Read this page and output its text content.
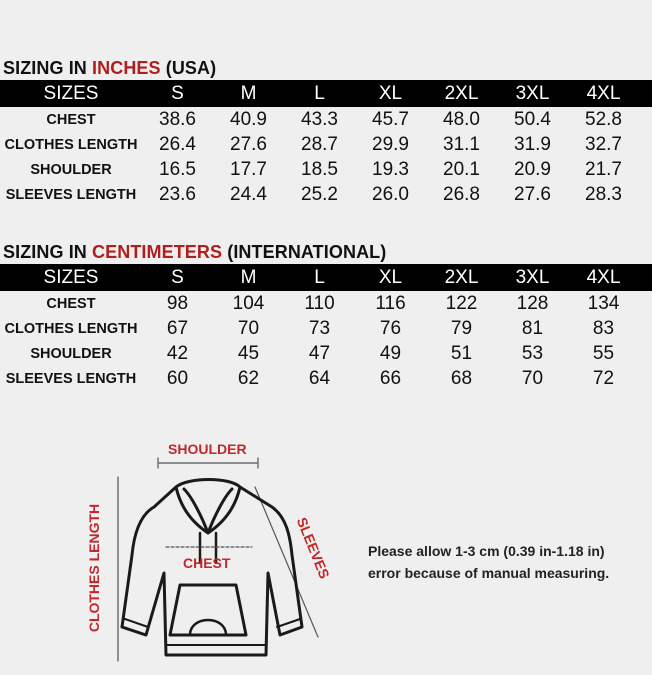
SIZING IN INCHES (USA)
SIZES	S	M	L	XL	2XL	3XL	4XL
CHEST	38.6	40.9	43.3	45.7	48.0	50.4	52.8
CLOTHES LENGTH	26.4	27.6	28.7	29.9	31.1	31.9	32.7
SHOULDER	16.5	17.7	18.5	19.3	20.1	20.9	21.7
SLEEVES LENGTH	23.6	24.4	25.2	26.0	26.8	27.6	28.3
SIZING IN CENTIMETERS (INTERNATIONAL)
SIZES	S	M	L	XL	2XL	3XL	4XL
CHEST	98	104	110	116	122	128	134
CLOTHES LENGTH	67	70	73	76	79	81	83
SHOULDER	42	45	47	49	51	53	55
SLEEVES LENGTH	60	62	64	66	68	70	72
SHOULDER
CHEST	SLEEVES
CLOTHES LENGTH	Please allow 1-3 cm (0.39 in-1.18 in)
error because of manual measuring.
